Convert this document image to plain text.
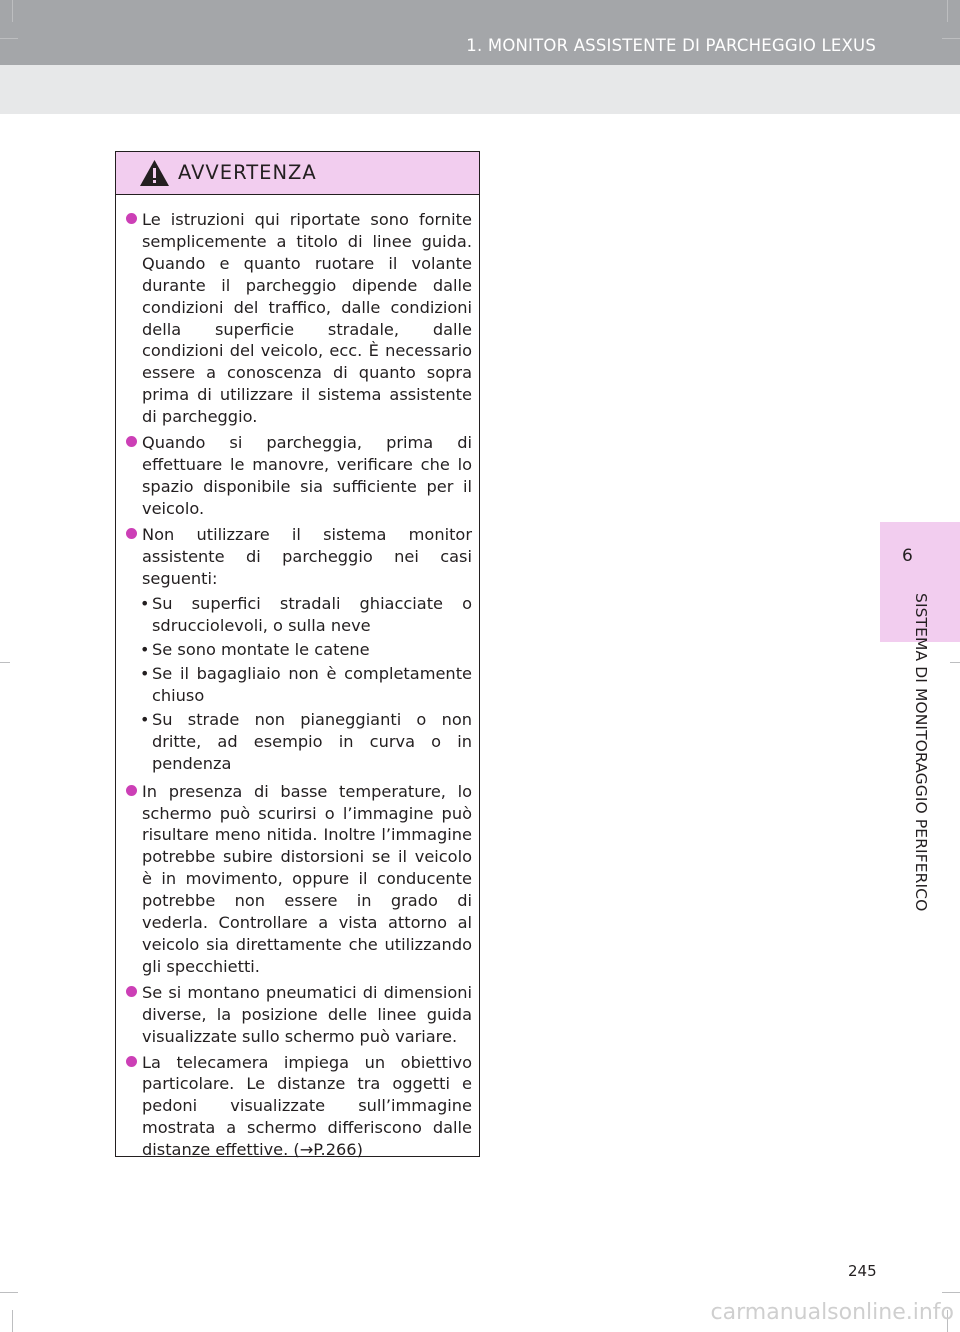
1. MONITOR ASSISTENTE DI PARCHEGGIO LEXUS
6
SISTEMA DI MONITORAGGIO PERIFERICO
AVVERTENZA
Le istruzioni qui riportate sono fornite semplicemente a titolo di linee guida. Quando e quanto ruotare il volante durante il parcheggio dipende dalle condizioni del traffico, dalle condizioni della superficie stradale, dalle condizioni del veicolo, ecc. È necessario essere a conoscenza di quanto sopra prima di utilizzare il sistema assistente di parcheggio.
Quando si parcheggia, prima di effettuare le manovre, verificare che lo spazio disponibile sia sufficiente per il veicolo.
Non utilizzare il sistema monitor assistente di parcheggio nei casi seguenti:
• Su superfici stradali ghiacciate o sdrucciolevoli, o sulla neve
• Se sono montate le catene
• Se il bagagliaio non è completamente chiuso
• Su strade non pianeggianti o non dritte, ad esempio in curva o in pendenza
In presenza di basse temperature, lo schermo può scurirsi o l’immagine può risultare meno nitida. Inoltre l’immagine potrebbe subire distorsioni se il veicolo è in movimento, oppure il conducente potrebbe non essere in grado di vederla. Controllare a vista attorno al veicolo sia direttamente che utilizzando gli specchietti.
Se si montano pneumatici di dimensioni diverse, la posizione delle linee guida visualizzate sullo schermo può variare.
La telecamera impiega un obiettivo particolare. Le distanze tra oggetti e pedoni visualizzate sull’immagine mostrata a schermo differiscono dalle distanze effettive. (→P.266)
245
carmanualsonline.info
